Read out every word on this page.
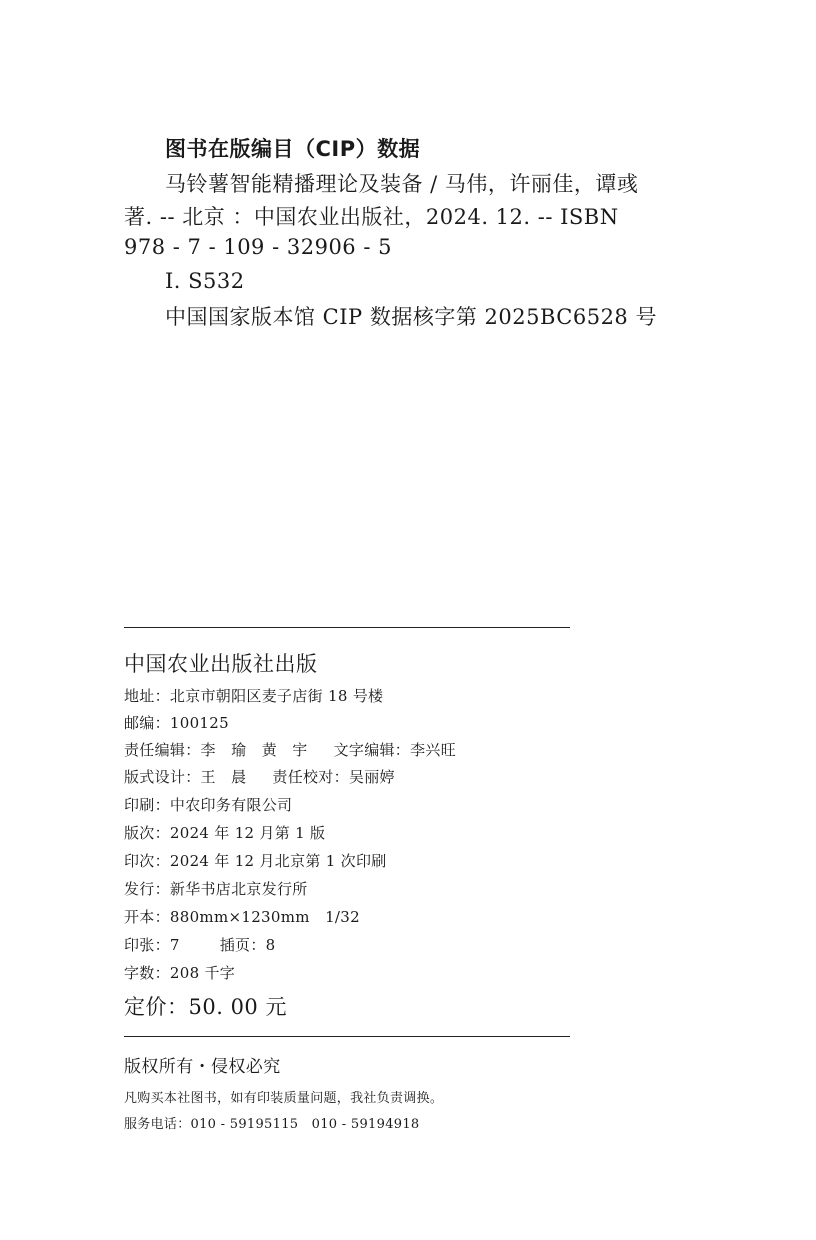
图书在版编目（CIP）数据
马铃薯智能精播理论及装备 / 马伟，许丽佳，谭彧
著. -- 北京 ：中国农业出版社，2024. 12. -- ISBN
978 - 7 - 109 - 32906 - 5
Ⅰ. S532
中国国家版本馆 CIP 数据核字第 2025BC6528 号
中国农业出版社出版
地址：北京市朝阳区麦子店街 18 号楼
邮编：100125
责任编辑：李　瑜　黄　宇 文字编辑：李兴旺
版式设计：王　晨 责任校对：吴丽婷
印刷：中农印务有限公司
版次：2024 年 12 月第 1 版
印次：2024 年 12 月北京第 1 次印刷
发行：新华书店北京发行所
开本：880mm×1230mm　1/32
印张：7	插页：8
字数：208 千字
定价：50. 00 元
版权所有・侵权必究
凡购买本社图书，如有印装质量问题，我社负责调换。
服务电话：010 - 59195115　010 - 59194918
